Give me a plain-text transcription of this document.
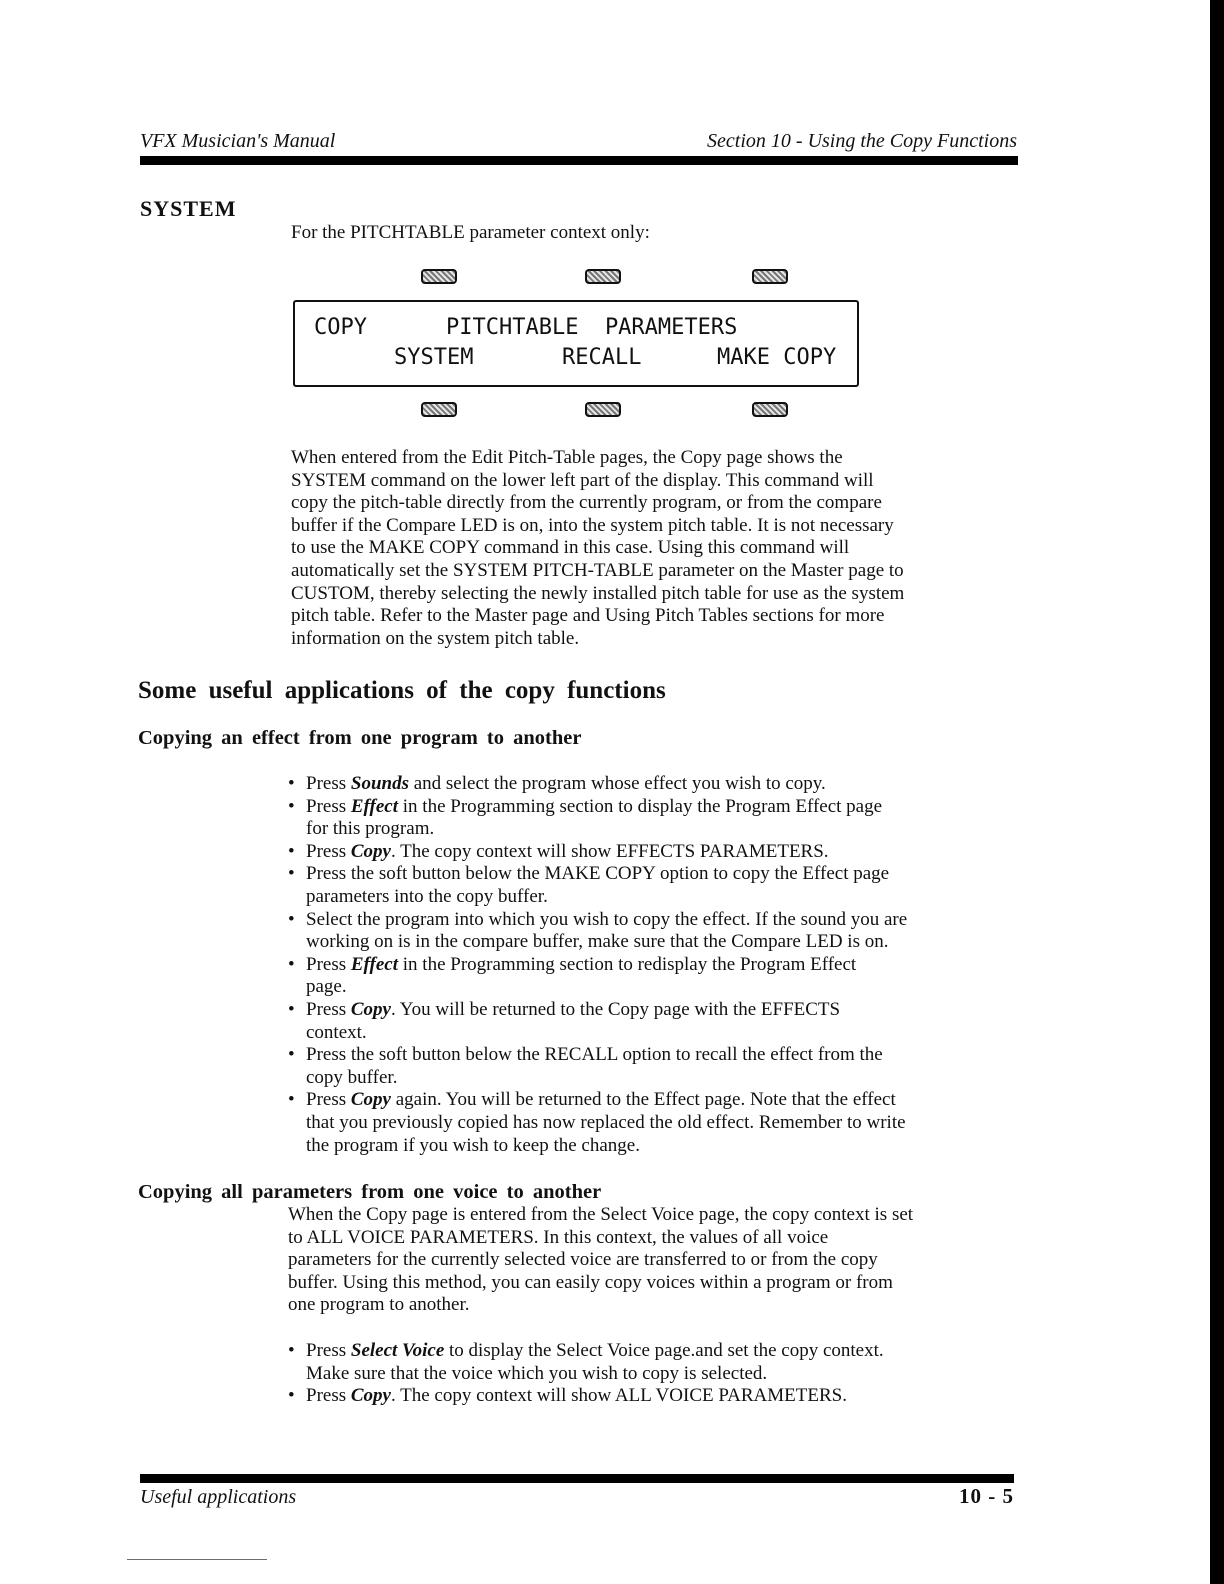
VFX Musician's Manual	Section 10 - Using the Copy Functions
SYSTEM
For the PITCHTABLE parameter context only:
COPY	PITCHTABLE  PARAMETERS
SYSTEM	RECALL	MAKE COPY
When entered from the Edit Pitch-Table pages, the Copy page shows the
SYSTEM command on the lower left part of the display. This command will
copy the pitch-table directly from the currently program, or from the compare
buffer if the Compare LED is on, into the system pitch table. It is not necessary
to use the MAKE COPY command in this case. Using this command will
automatically set the SYSTEM PITCH-TABLE parameter on the Master page to
CUSTOM, thereby selecting the newly installed pitch table for use as the system
pitch table. Refer to the Master page and Using Pitch Tables sections for more
information on the system pitch table.
Some useful applications of the copy functions
Copying an effect from one program to another
• Press Sounds and select the program whose effect you wish to copy.
• Press Effect in the Programming section to display the Program Effect page
for this program.
• Press Copy. The copy context will show EFFECTS PARAMETERS.
• Press the soft button below the MAKE COPY option to copy the Effect page
parameters into the copy buffer.
• Select the program into which you wish to copy the effect. If the sound you are
working on is in the compare buffer, make sure that the Compare LED is on.
• Press Effect in the Programming section to redisplay the Program Effect
page.
• Press Copy. You will be returned to the Copy page with the EFFECTS
context.
• Press the soft button below the RECALL option to recall the effect from the
copy buffer.
• Press Copy again. You will be returned to the Effect page. Note that the effect
that you previously copied has now replaced the old effect. Remember to write
the program if you wish to keep the change.
Copying all parameters from one voice to another
When the Copy page is entered from the Select Voice page, the copy context is set
to ALL VOICE PARAMETERS. In this context, the values of all voice
parameters for the currently selected voice are transferred to or from the copy
buffer. Using this method, you can easily copy voices within a program or from
one program to another.
• Press Select Voice to display the Select Voice page.and set the copy context.
Make sure that the voice which you wish to copy is selected.
• Press Copy. The copy context will show ALL VOICE PARAMETERS.
Useful applications	10 - 5
